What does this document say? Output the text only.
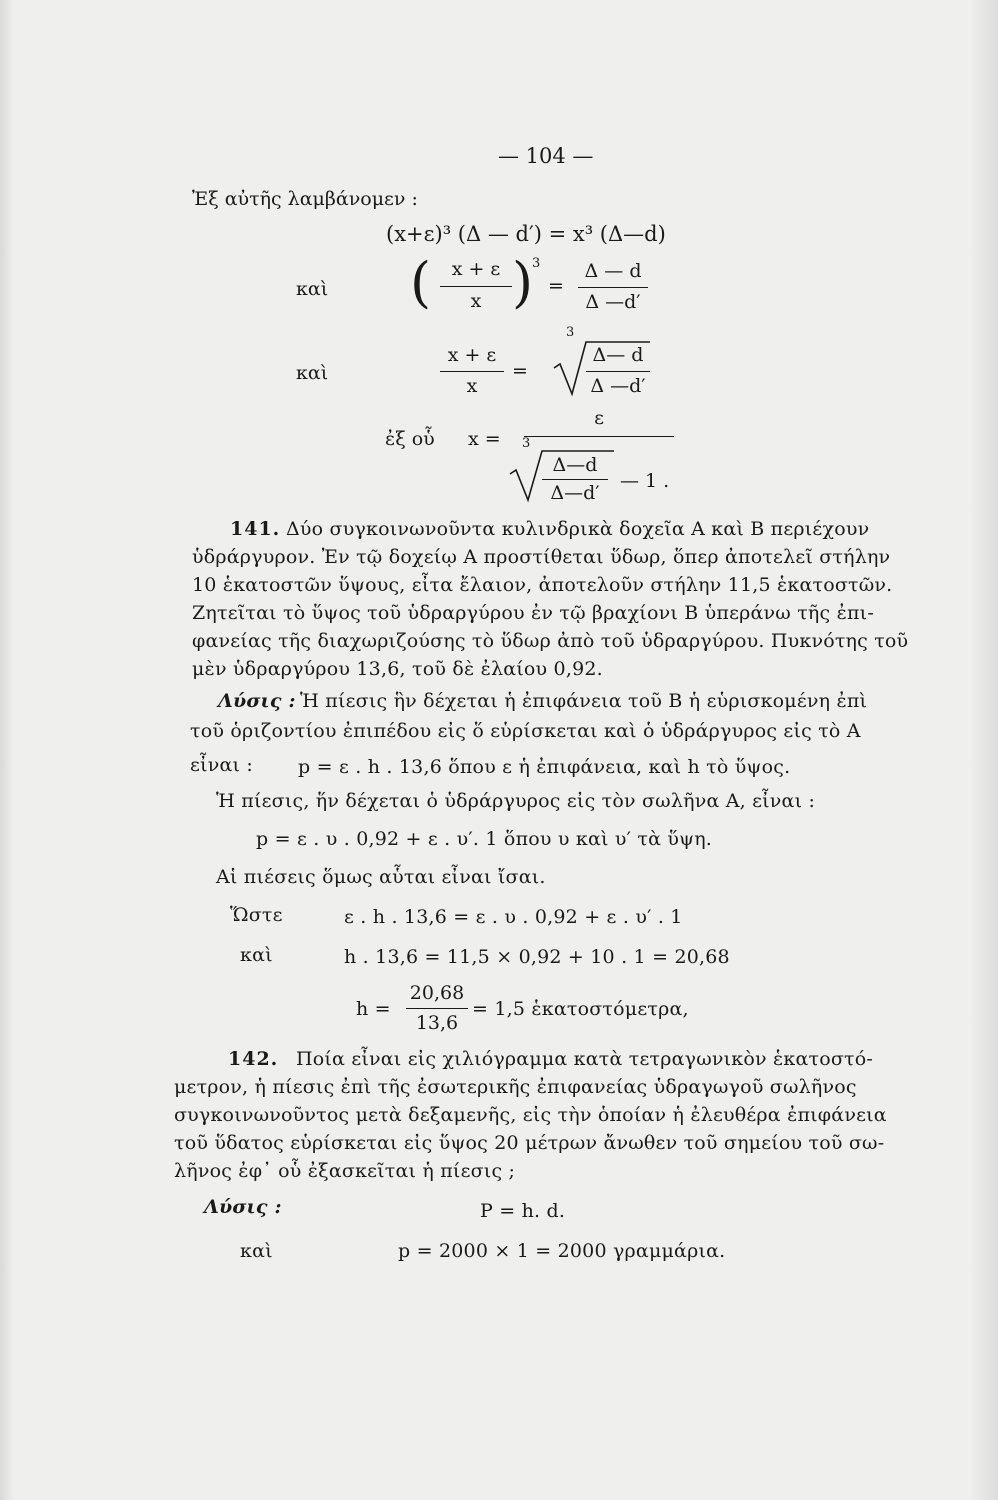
— 104 —
Ἐξ αὐτῆς λαμβάνομεν :
(x+ε)³ (Δ — d′) = x³ (Δ—d)
καὶ (	x + ε
x )
3
=
Δ — d
Δ —d′
καὶ
x + ε
x
=
3
Δ— d
Δ —d′
ἐξ οὗ x =
ε
3
Δ—d
Δ—d′
— 1 .
141. Δύο συγκοινωνοῦντα κυλινδρικὰ δοχεῖα Α καὶ Β περιέχουν
ὑδράργυρον. Ἐν τῷ δοχείῳ Α προστίθεται ὕδωρ, ὅπερ ἀποτελεῖ στήλην
10 ἑκατοστῶν ὕψους, εἶτα ἔλαιον, ἀποτελοῦν στήλην 11,5 ἑκατοστῶν.
Ζητεῖται τὸ ὕψος τοῦ ὑδραργύρου ἐν τῷ βραχίονι Β ὑπεράνω τῆς ἐπι-
φανείας τῆς διαχωριζούσης τὸ ὕδωρ ἀπὸ τοῦ ὑδραργύρου. Πυκνότης τοῦ
μὲν ὑδραργύρου 13,6, τοῦ δὲ ἐλαίου 0,92.
Λύσις : Ἡ πίεσις ἣν δέχεται ἡ ἐπιφάνεια τοῦ Β ἡ εὑρισκομένη ἐπὶ
τοῦ ὁριζοντίου ἐπιπέδου εἰς ὅ εὑρίσκεται καὶ ὁ ὑδράργυρος εἰς τὸ Α
εἶναι : p = ε . h . 13,6 ὅπου ε ἡ ἐπιφάνεια, καὶ h τὸ ὕψος.
Ἡ πίεσις, ἥν δέχεται ὁ ὑδράργυρος εἰς τὸν σωλῆνα Α, εἶναι :
p = ε . υ . 0,92 + ε . υ′. 1 ὅπου υ καὶ υ′ τὰ ὕψη.
Αἱ πιέσεις ὅμως αὗται εἶναι ἴσαι.
Ὥστε	ε . h . 13,6 = ε . υ . 0,92 + ε . υ′ . 1
καὶ	h . 13,6 = 11,5 × 0,92 + 10 . 1 = 20,68
h =
20,68
13,6
= 1,5 ἑκατοστόμετρα,
142. Ποία εἶναι εἰς χιλιόγραμμα κατὰ τετραγωνικὸν ἑκατοστό-
μετρον, ἡ πίεσις ἐπὶ τῆς ἐσωτερικῆς ἐπιφανείας ὑδραγωγοῦ σωλῆνος
συγκοινωνοῦντος μετὰ δεξαμενῆς, εἰς τὴν ὁποίαν ἡ ἐλευθέρα ἐπιφάνεια
τοῦ ὕδατος εὑρίσκεται εἰς ὕψος 20 μέτρων ἄνωθεν τοῦ σημείου τοῦ σω-
λῆνος ἐφ᾽ οὗ ἐξασκεῖται ἡ πίεσις ;
Λύσις :	P = h. d.
καὶ	p = 2000 × 1 = 2000 γραμμάρια.
